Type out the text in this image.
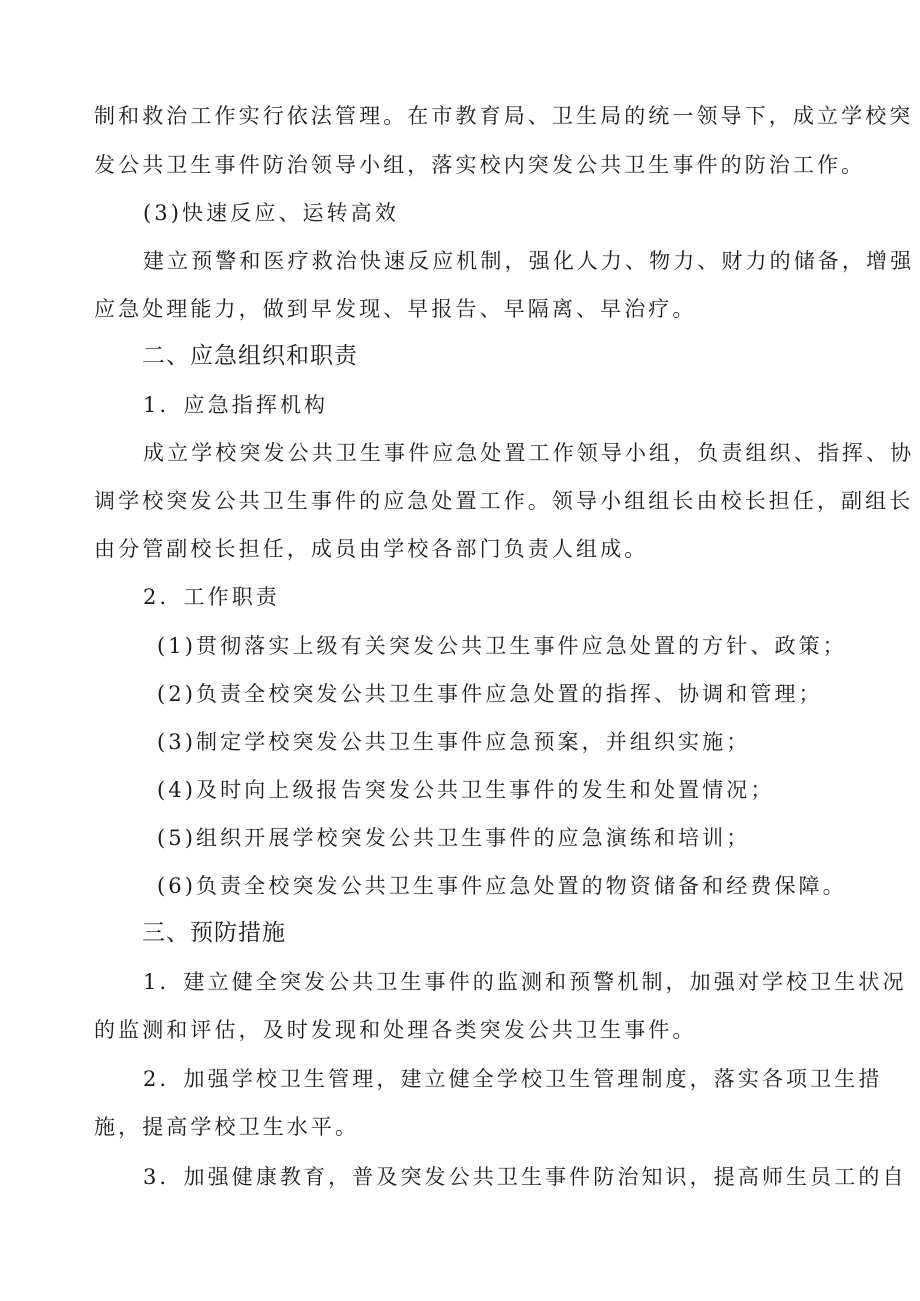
制和救治工作实行依法管理。在市教育局、卫生局的统一领导下，成立学校突

发公共卫生事件防治领导小组，落实校内突发公共卫生事件的防治工作。

(3)快速反应、运转高效

建立预警和医疗救治快速反应机制，强化人力、物力、财力的储备，增强

应急处理能力，做到早发现、早报告、早隔离、早治疗。

二、应急组织和职责

1．应急指挥机构

成立学校突发公共卫生事件应急处置工作领导小组，负责组织、指挥、协

调学校突发公共卫生事件的应急处置工作。领导小组组长由校长担任，副组长

由分管副校长担任，成员由学校各部门负责人组成。

2．工作职责

(1)贯彻落实上级有关突发公共卫生事件应急处置的方针、政策；

(2)负责全校突发公共卫生事件应急处置的指挥、协调和管理；

(3)制定学校突发公共卫生事件应急预案，并组织实施；

(4)及时向上级报告突发公共卫生事件的发生和处置情况；

(5)组织开展学校突发公共卫生事件的应急演练和培训；

(6)负责全校突发公共卫生事件应急处置的物资储备和经费保障。

三、预防措施

1．建立健全突发公共卫生事件的监测和预警机制，加强对学校卫生状况

的监测和评估，及时发现和处理各类突发公共卫生事件。

2．加强学校卫生管理，建立健全学校卫生管理制度，落实各项卫生措

施，提高学校卫生水平。

3．加强健康教育，普及突发公共卫生事件防治知识，提高师生员工的自
